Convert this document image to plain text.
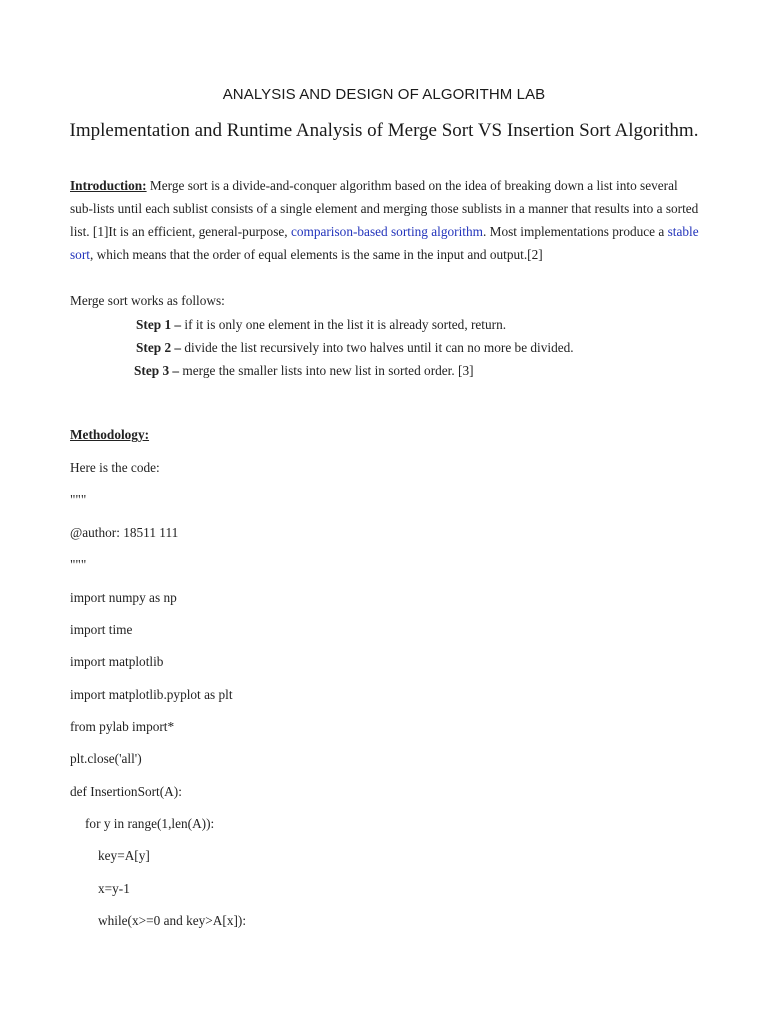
ANALYSIS AND DESIGN OF ALGORITHM LAB
Implementation and Runtime Analysis of Merge Sort VS Insertion Sort Algorithm.
Introduction: Merge sort is a divide-and-conquer algorithm based on the idea of breaking down a list into several sub-lists until each sublist consists of a single element and merging those sublists in a manner that results into a sorted list. [1]It is an efficient, general-purpose, comparison-based sorting algorithm. Most implementations produce a stable sort, which means that the order of equal elements is the same in the input and output.[2]
Merge sort works as follows:
Step 1 – if it is only one element in the list it is already sorted, return.
Step 2 – divide the list recursively into two halves until it can no more be divided.
Step 3 – merge the smaller lists into new list in sorted order. [3]
Methodology:
Here is the code:
"""
@author: 18511 111
"""
import numpy as np
import time
import matplotlib
import matplotlib.pyplot as plt
from pylab import*
plt.close('all')
def InsertionSort(A):
for y in range(1,len(A)):
key=A[y]
x=y-1
while(x>=0 and key>A[x]):
